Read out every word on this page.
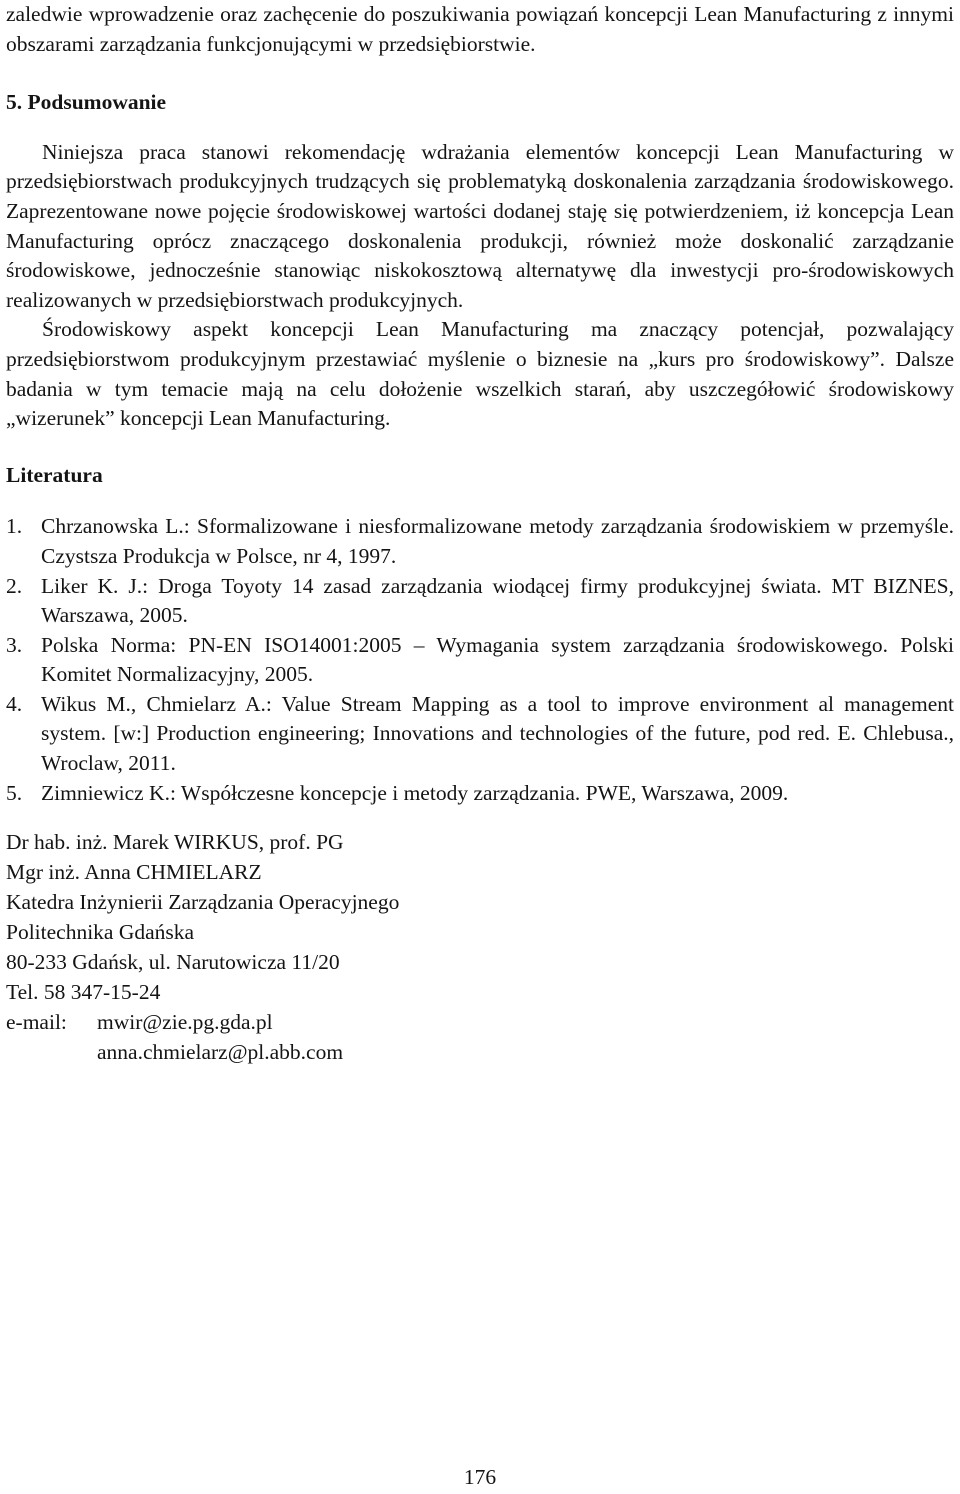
zaledwie wprowadzenie oraz zachęcenie do poszukiwania powiązań koncepcji Lean Manufacturing z innymi obszarami zarządzania funkcjonującymi w przedsiębiorstwie.

5. Podsumowanie

Niniejsza praca stanowi rekomendację wdrażania elementów koncepcji Lean Manufacturing w przedsiębiorstwach produkcyjnych trudzących się problematyką doskonalenia zarządzania środowiskowego. Zaprezentowane nowe pojęcie środowiskowej wartości dodanej staję się potwierdzeniem, iż koncepcja Lean Manufacturing oprócz znaczącego doskonalenia produkcji, również może doskonalić zarządzanie środowiskowe, jednocześnie stanowiąc niskokosztową alternatywę dla inwestycji pro-środowiskowych realizowanych w przedsiębiorstwach produkcyjnych.

Środowiskowy aspekt koncepcji Lean Manufacturing ma znaczący potencjał, pozwalający przedsiębiorstwom produkcyjnym przestawiać myślenie o biznesie na „kurs pro środowiskowy”. Dalsze badania w tym temacie mają na celu dołożenie wszelkich starań, aby uszczegółowić środowiskowy „wizerunek” koncepcji Lean Manufacturing.

Literatura

1. Chrzanowska L.: Sformalizowane i niesformalizowane metody zarządzania środowiskiem w przemyśle. Czystsza Produkcja w Polsce, nr 4, 1997.
2. Liker K. J.: Droga Toyoty 14 zasad zarządzania wiodącej firmy produkcyjnej świata. MT BIZNES, Warszawa, 2005.
3. Polska Norma: PN-EN ISO14001:2005 – Wymagania system zarządzania środowiskowego. Polski Komitet Normalizacyjny, 2005.
4. Wikus M., Chmielarz A.: Value Stream Mapping as a tool to improve environment al management system. [w:] Production engineering; Innovations and technologies of the future, pod red. E. Chlebusa., Wroclaw, 2011.
5. Zimniewicz K.: Współczesne koncepcje i metody zarządzania. PWE, Warszawa, 2009.
Dr hab. inż. Marek WIRKUS, prof. PG
Mgr inż. Anna CHMIELARZ
Katedra Inżynierii Zarządzania Operacyjnego
Politechnika Gdańska
80-233 Gdańsk, ul. Narutowicza 11/20
Tel. 58 347-15-24
e-mail:	mwir@zie.pg.gda.pl
anna.chmielarz@pl.abb.com
176
